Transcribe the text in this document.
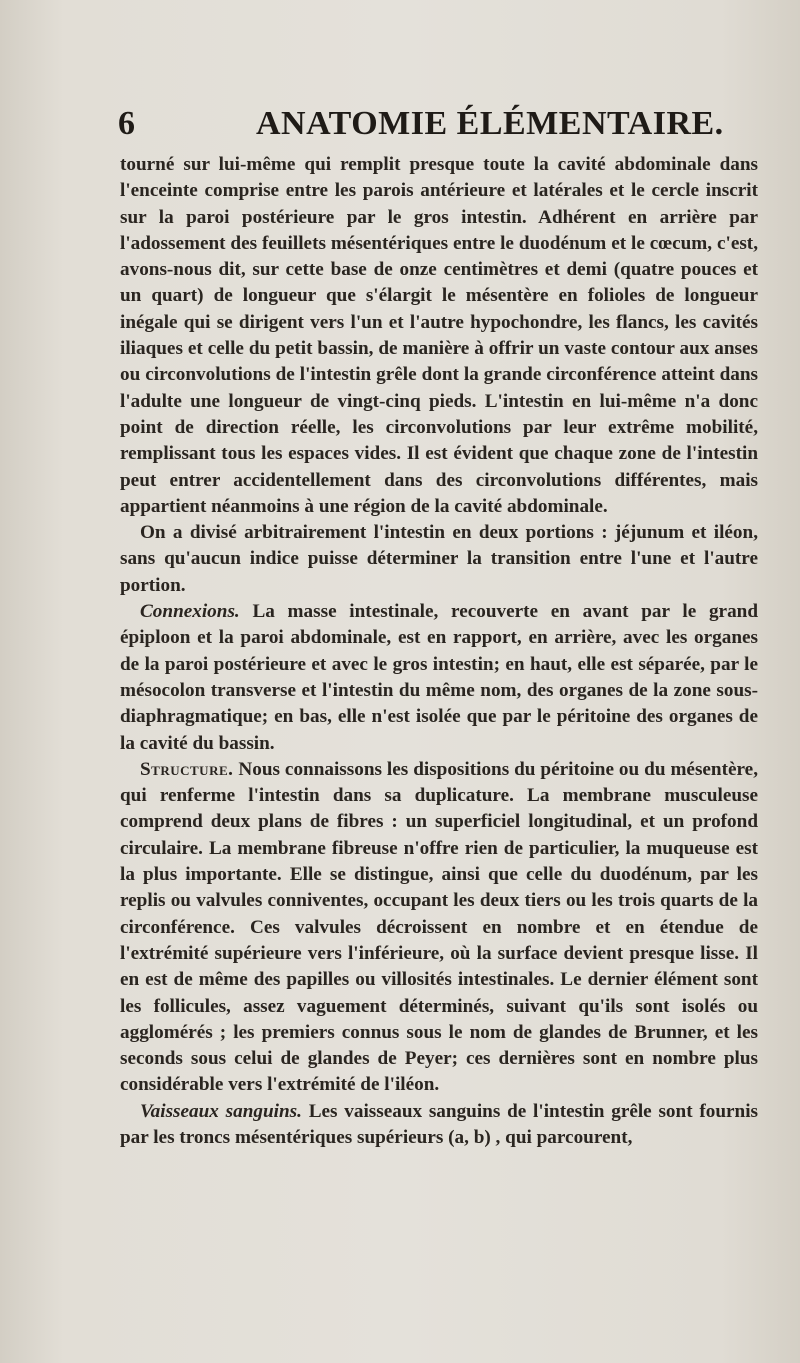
6	ANATOMIE ÉLÉMENTAIRE.

tourné sur lui-même qui remplit presque toute la cavité abdominale dans l'enceinte comprise entre les parois antérieure et latérales et le cercle inscrit sur la paroi postérieure par le gros intestin. Adhérent en arrière par l'adossement des feuillets mésentériques entre le duodénum et le cœcum, c'est, avons-nous dit, sur cette base de onze centimètres et demi (quatre pouces et un quart) de longueur que s'élargit le mésentère en folioles de longueur inégale qui se dirigent vers l'un et l'autre hypochondre, les flancs, les cavités iliaques et celle du petit bassin, de manière à offrir un vaste contour aux anses ou circonvolutions de l'intestin grêle dont la grande circonférence atteint dans l'adulte une longueur de vingt-cinq pieds. L'intestin en lui-même n'a donc point de direction réelle, les circonvolutions par leur extrême mobilité, remplissant tous les espaces vides. Il est évident que chaque zone de l'intestin peut entrer accidentellement dans des circonvolutions différentes, mais appartient néanmoins à une région de la cavité abdominale.

On a divisé arbitrairement l'intestin en deux portions : jéjunum et iléon, sans qu'aucun indice puisse déterminer la transition entre l'une et l'autre portion.

Connexions. La masse intestinale, recouverte en avant par le grand épiploon et la paroi abdominale, est en rapport, en arrière, avec les organes de la paroi postérieure et avec le gros intestin; en haut, elle est séparée, par le mésocolon transverse et l'intestin du même nom, des organes de la zone sous-diaphragmatique; en bas, elle n'est isolée que par le péritoine des organes de la cavité du bassin.

Structure. Nous connaissons les dispositions du péritoine ou du mésentère, qui renferme l'intestin dans sa duplicature. La membrane musculeuse comprend deux plans de fibres : un superficiel longitudinal, et un profond circulaire. La membrane fibreuse n'offre rien de particulier, la muqueuse est la plus importante. Elle se distingue, ainsi que celle du duodénum, par les replis ou valvules conniventes, occupant les deux tiers ou les trois quarts de la circonférence. Ces valvules décroissent en nombre et en étendue de l'extrémité supérieure vers l'inférieure, où la surface devient presque lisse. Il en est de même des papilles ou villosités intestinales. Le dernier élément sont les follicules, assez vaguement déterminés, suivant qu'ils sont isolés ou agglomérés ; les premiers connus sous le nom de glandes de Brunner, et les seconds sous celui de glandes de Peyer; ces dernières sont en nombre plus considérable vers l'extrémité de l'iléon.

Vaisseaux sanguins. Les vaisseaux sanguins de l'intestin grêle sont fournis par les troncs mésentériques supérieurs (a, b) , qui parcourent,
